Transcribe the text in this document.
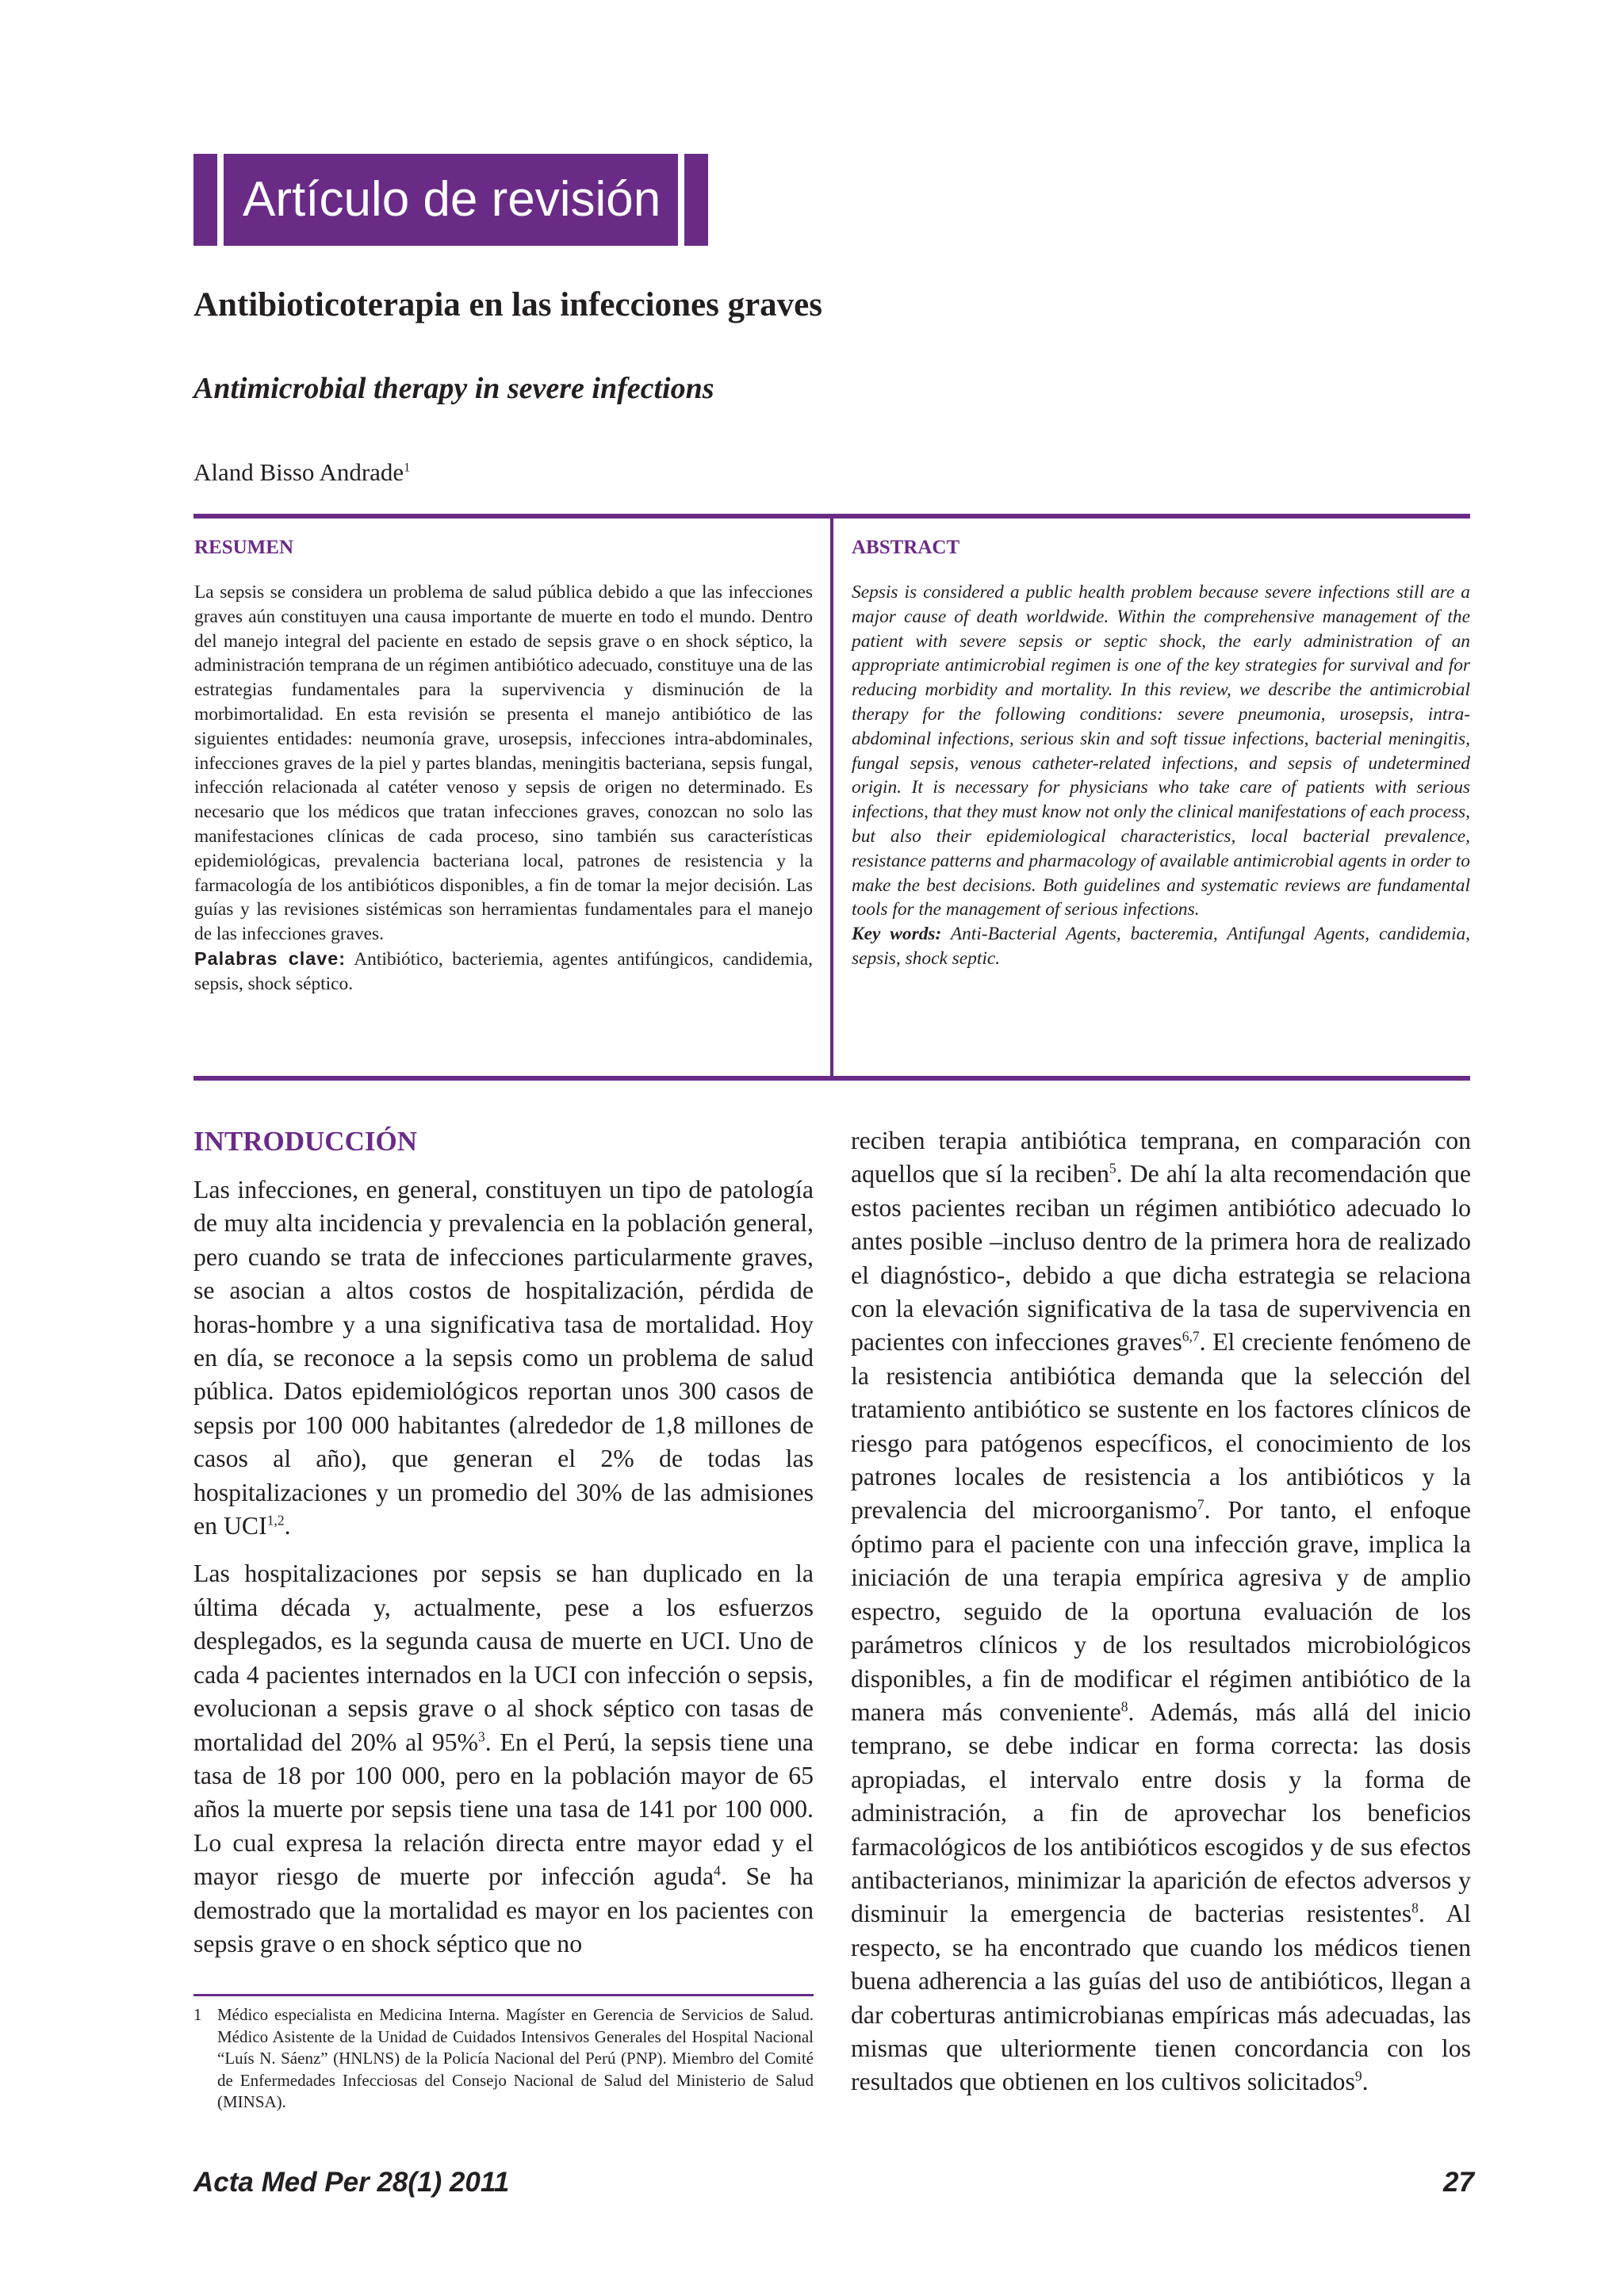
Artículo de revisión
Antibioticoterapia en las infecciones graves
Antimicrobial therapy in severe infections
Aland Bisso Andrade$^1$
RESUMEN

La sepsis se considera un problema de salud pública debido a que las infecciones graves aún constituyen una causa importante de muerte en todo el mundo. Dentro del manejo integral del paciente en estado de sepsis grave o en shock séptico, la administración temprana de un régimen antibiótico adecuado, constituye una de las estrategias fundamentales para la supervivencia y disminución de la morbimortalidad. En esta revisión se presenta el manejo antibiótico de las siguientes entidades: neumonía grave, urosepsis, infecciones intra-abdominales, infecciones graves de la piel y partes blandas, meningitis bacteriana, sepsis fungal, infección relacionada al catéter venoso y sepsis de origen no determinado. Es necesario que los médicos que tratan infecciones graves, conozcan no solo las manifestaciones clínicas de cada proceso, sino también sus características epidemiológicas, prevalencia bacteriana local, patrones de resistencia y la farmacología de los antibióticos disponibles, a fin de tomar la mejor decisión. Las guías y las revisiones sistémicas son herramientas fundamentales para el manejo de las infecciones graves.

Palabras clave: Antibiótico, bacteriemia, agentes antifúngicos, candidemia, sepsis, shock séptico.

ABSTRACT

Sepsis is considered a public health problem because severe infections still are a major cause of death worldwide. Within the comprehensive management of the patient with severe sepsis or septic shock, the early administration of an appropriate antimicrobial regimen is one of the key strategies for survival and for reducing morbidity and mortality. In this review, we describe the antimicrobial therapy for the following conditions: severe pneumonia, urosepsis, intra-abdominal infections, serious skin and soft tissue infections, bacterial meningitis, fungal sepsis, venous catheter-related infections, and sepsis of undetermined origin. It is necessary for physicians who take care of patients with serious infections, that they must know not only the clinical manifestations of each process, but also their epidemiological characteristics, local bacterial prevalence, resistance patterns and pharmacology of available antimicrobial agents in order to make the best decisions. Both guidelines and systematic reviews are fundamental tools for the management of serious infections.

Key words: Anti-Bacterial Agents, bacteremia, Antifungal Agents, candidemia, sepsis, shock septic.

INTRODUCCIÓN

Las infecciones, en general, constituyen un tipo de patología de muy alta incidencia y prevalencia en la población general, pero cuando se trata de infecciones particularmente graves, se asocian a altos costos de hospitalización, pérdida de horas-hombre y a una significativa tasa de mortalidad. Hoy en día, se reconoce a la sepsis como un problema de salud pública. Datos epidemiológicos reportan unos 300 casos de sepsis por 100 000 habitantes (alrededor de 1,8 millones de casos al año), que generan el 2% de todas las hospitalizaciones y un promedio del 30% de las admisiones en UCI$^{1,2}$.

Las hospitalizaciones por sepsis se han duplicado en la última década y, actualmente, pese a los esfuerzos desplegados, es la segunda causa de muerte en UCI. Uno de cada 4 pacientes internados en la UCI con infección o sepsis, evolucionan a sepsis grave o al shock séptico con tasas de mortalidad del 20% al 95%$^3$. En el Perú, la sepsis tiene una tasa de 18 por 100 000, pero en la población mayor de 65 años la muerte por sepsis tiene una tasa de 141 por 100 000. Lo cual expresa la relación directa entre mayor edad y el mayor riesgo de muerte por infección aguda$^4$. Se ha demostrado que la mortalidad es mayor en los pacientes con sepsis grave o en shock séptico que no

reciben terapia antibiótica temprana, en comparación con aquellos que sí la reciben$^5$. De ahí la alta recomendación que estos pacientes reciban un régimen antibiótico adecuado lo antes posible –incluso dentro de la primera hora de realizado el diagnóstico-, debido a que dicha estrategia se relaciona con la elevación significativa de la tasa de supervivencia en pacientes con infecciones graves$^{6,7}$. El creciente fenómeno de la resistencia antibiótica demanda que la selección del tratamiento antibiótico se sustente en los factores clínicos de riesgo para patógenos específicos, el conocimiento de los patrones locales de resistencia a los antibióticos y la prevalencia del microorganismo$^7$. Por tanto, el enfoque óptimo para el paciente con una infección grave, implica la iniciación de una terapia empírica agresiva y de amplio espectro, seguido de la oportuna evaluación de los parámetros clínicos y de los resultados microbiológicos disponibles, a fin de modificar el régimen antibiótico de la manera más conveniente$^8$. Además, más allá del inicio temprano, se debe indicar en forma correcta: las dosis apropiadas, el intervalo entre dosis y la forma de administración, a fin de aprovechar los beneficios farmacológicos de los antibióticos escogidos y de sus efectos antibacterianos, minimizar la aparición de efectos adversos y disminuir la emergencia de bacterias resistentes$^8$. Al respecto, se ha encontrado que cuando los médicos tienen buena adherencia a las guías del uso de antibióticos, llegan a dar coberturas antimicrobianas empíricas más adecuadas, las mismas que ulteriormente tienen concordancia con los resultados que obtienen en los cultivos solicitados$^9$.

1 Médico especialista en Medicina Interna. Magíster en Gerencia de Servicios de Salud. Médico Asistente de la Unidad de Cuidados Intensivos Generales del Hospital Nacional “Luís N. Sáenz” (HNLNS) de la Policía Nacional del Perú (PNP). Miembro del Comité de Enfermedades Infecciosas del Consejo Nacional de Salud del Ministerio de Salud (MINSA).
Acta Med Per 28(1) 2011	27
